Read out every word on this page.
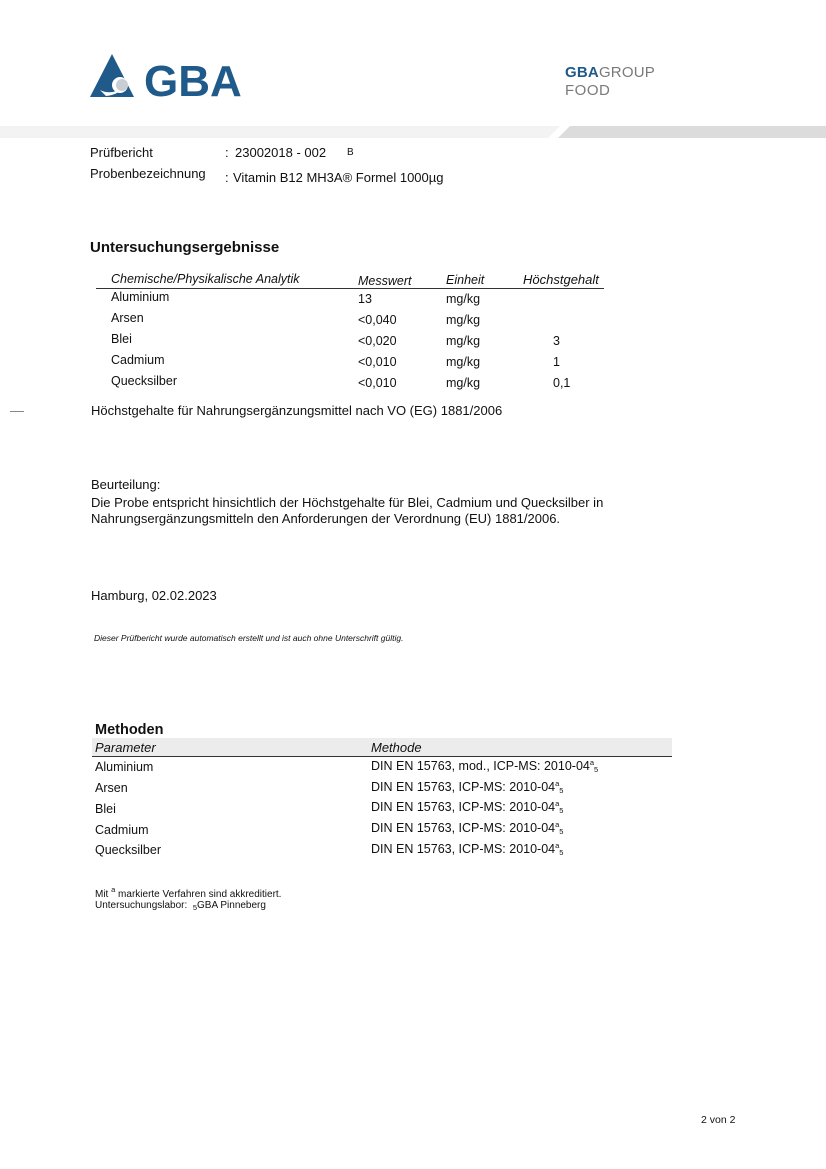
GBA	GBAGROUP
FOOD
Prüfbericht	: 23002018 - 002 B
Probenbezeichnung : Vitamin B12 MH3A® Formel 1000µg
Untersuchungsergebnisse
Chemische/Physikalische Analytik	Messwert	Einheit	Höchstgehalt
Aluminium	13	mg/kg
Arsen	<0,040	mg/kg
Blei	<0,020	mg/kg	3
Cadmium	<0,010	mg/kg	1
Quecksilber	<0,010	mg/kg	0,1
Höchstgehalte für Nahrungsergänzungsmittel nach VO (EG) 1881/2006
Beurteilung:
Die Probe entspricht hinsichtlich der Höchstgehalte für Blei, Cadmium und Quecksilber in
Nahrungsergänzungsmitteln den Anforderungen der Verordnung (EU) 1881/2006.
Hamburg, 02.02.2023
Dieser Prüfbericht wurde automatisch erstellt und ist auch ohne Unterschrift gültig.
Methoden
Parameter	Methode
Aluminium	DIN EN 15763, mod., ICP-MS: $2010-04^a_5$
Arsen	DIN EN 15763, ICP-MS: $2010-04^a_5$
Blei	DIN EN 15763, ICP-MS: $2010-04^a_5$
Cadmium	DIN EN 15763, ICP-MS: $2010-04^a_5$
Quecksilber	DIN EN 15763, ICP-MS: $2010-04^a_5$
Mit $^a$ markierte Verfahren sind akkreditiert.
Untersuchungslabor: $_5$GBA Pinneberg
2 von 2
